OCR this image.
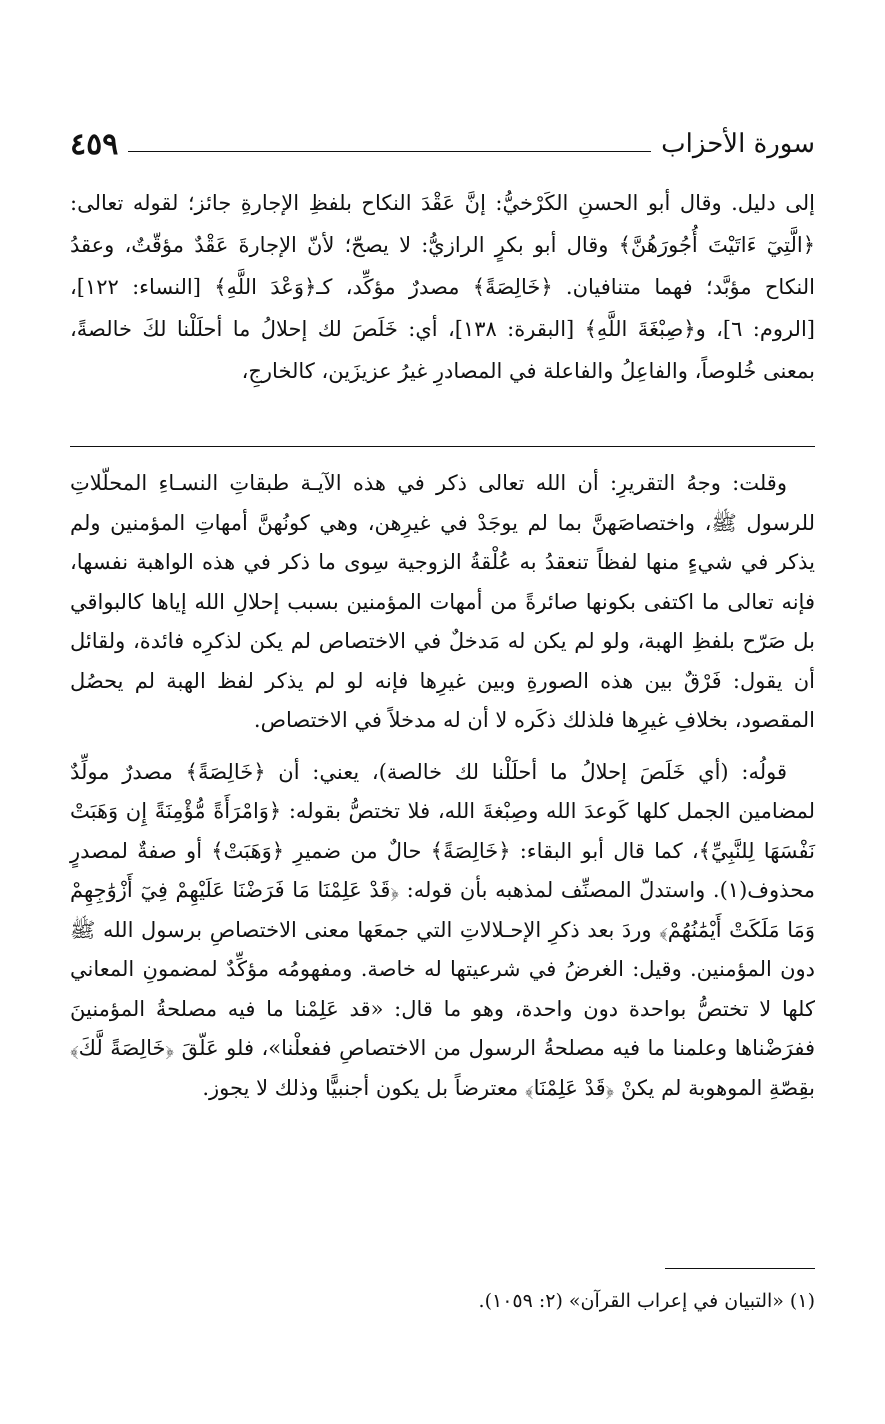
سورة الأحزاب
٤٥٩

إلى دليل. وقال أبو الحسنِ الكَرْخيُّ: إنَّ عَقْدَ النكاح بلفظِ الإجارةِ جائز؛ لقوله تعالى: ﴿الَّتِيٓ ءَاتَيْتَ أُجُورَهُنَّ﴾ وقال أبو بكرٍ الرازيُّ: لا يصحّ؛ لأنّ الإجارةَ عَقْدٌ مؤقّتٌ، وعقدُ النكاح مؤبَّد؛ فهما متنافيان. ﴿خَالِصَةً﴾ مصدرٌ مؤكِّد، كـ﴿وَعْدَ اللَّهِ﴾ [النساء: ١٢٢]، [الروم: ٦]، و﴿صِبْغَةَ اللَّهِ﴾ [البقرة: ١٣٨]، أي: خَلَصَ لك إحلالُ ما أحلَلْنا لكَ خالصةً، بمعنى خُلوصاً، والفاعِلُ والفاعلة في المصادرِ غيرُ عزيزَين، كالخارجِ،

وقلت: وجهُ التقريرِ: أن الله تعالى ذكر في هذه الآيـة طبقاتِ النسـاءِ المحلّلاتِ للرسول ﷺ، واختصاصَهنَّ بما لم يوجَدْ في غيرِهن، وهي كونُهنَّ أمهاتِ المؤمنين ولم يذكر في شيءٍ منها لفظاً تنعقدُ به عُلْقةُ الزوجية سِوى ما ذكر في هذه الواهبة نفسها، فإنه تعالى ما اكتفى بكونها صائرةً من أمهات المؤمنين بسبب إحلالِ الله إياها كالبواقي بل صَرّح بلفظِ الهبة، ولو لم يكن له مَدخلٌ في الاختصاص لم يكن لذكرِه فائدة، ولقائل أن يقول: فَرْقٌ بين هذه الصورةِ وبين غيرِها فإنه لو لم يذكر لفظ الهبة لم يحصُل المقصود، بخلافِ غيرِها فلذلك ذكَره لا أن له مدخلاً في الاختصاص.

قولُه: (أي خَلَصَ إحلالُ ما أحلَلْنا لك خالصة)، يعني: أن ﴿خَالِصَةً﴾ مصدرٌ مولِّدٌ لمضامين الجمل كلها كَوعدَ الله وصِبْغةَ الله، فلا تختصُّ بقوله: ﴿وَامْرَأَةً مُّؤْمِنَةً إِن وَهَبَتْ نَفْسَهَا لِلنَّبِيِّ﴾، كما قال أبو البقاء: ﴿خَالِصَةً﴾ حالٌ من ضميرِ ﴿وَهَبَتْ﴾ أو صفةٌ لمصدرٍ محذوف(١). واستدلّ المصنِّف لمذهبه بأن قوله: ﴿قَدْ عَلِمْنَا مَا فَرَضْنَا عَلَيْهِمْ فِيٓ أَزْوَٰجِهِمْ وَمَا مَلَكَتْ أَيْمَٰنُهُمْ﴾ وردَ بعد ذكرِ الإحـلالاتِ التي جمعَها معنى الاختصاصِ برسول الله ﷺ دون المؤمنين. وقيل: الغرضُ في شرعيتها له خاصة. ومفهومُه مؤكِّدٌ لمضمونِ المعاني كلها لا تختصُّ بواحدة دون واحدة، وهو ما قال: «قد عَلِمْنا ما فيه مصلحةُ المؤمنينَ ففرَضْناها وعلمنا ما فيه مصلحةُ الرسول من الاختصاصِ ففعلْنا»، فلو عَلّقَ ﴿خَالِصَةً لَّكَ﴾ بقِصّةِ الموهوبة لم يكنْ ﴿قَدْ عَلِمْنَا﴾ معترضاً بل يكون أجنبيًّا وذلك لا يجوز.

(١) «التبيان في إعراب القرآن» (٢: ١٠٥٩).
